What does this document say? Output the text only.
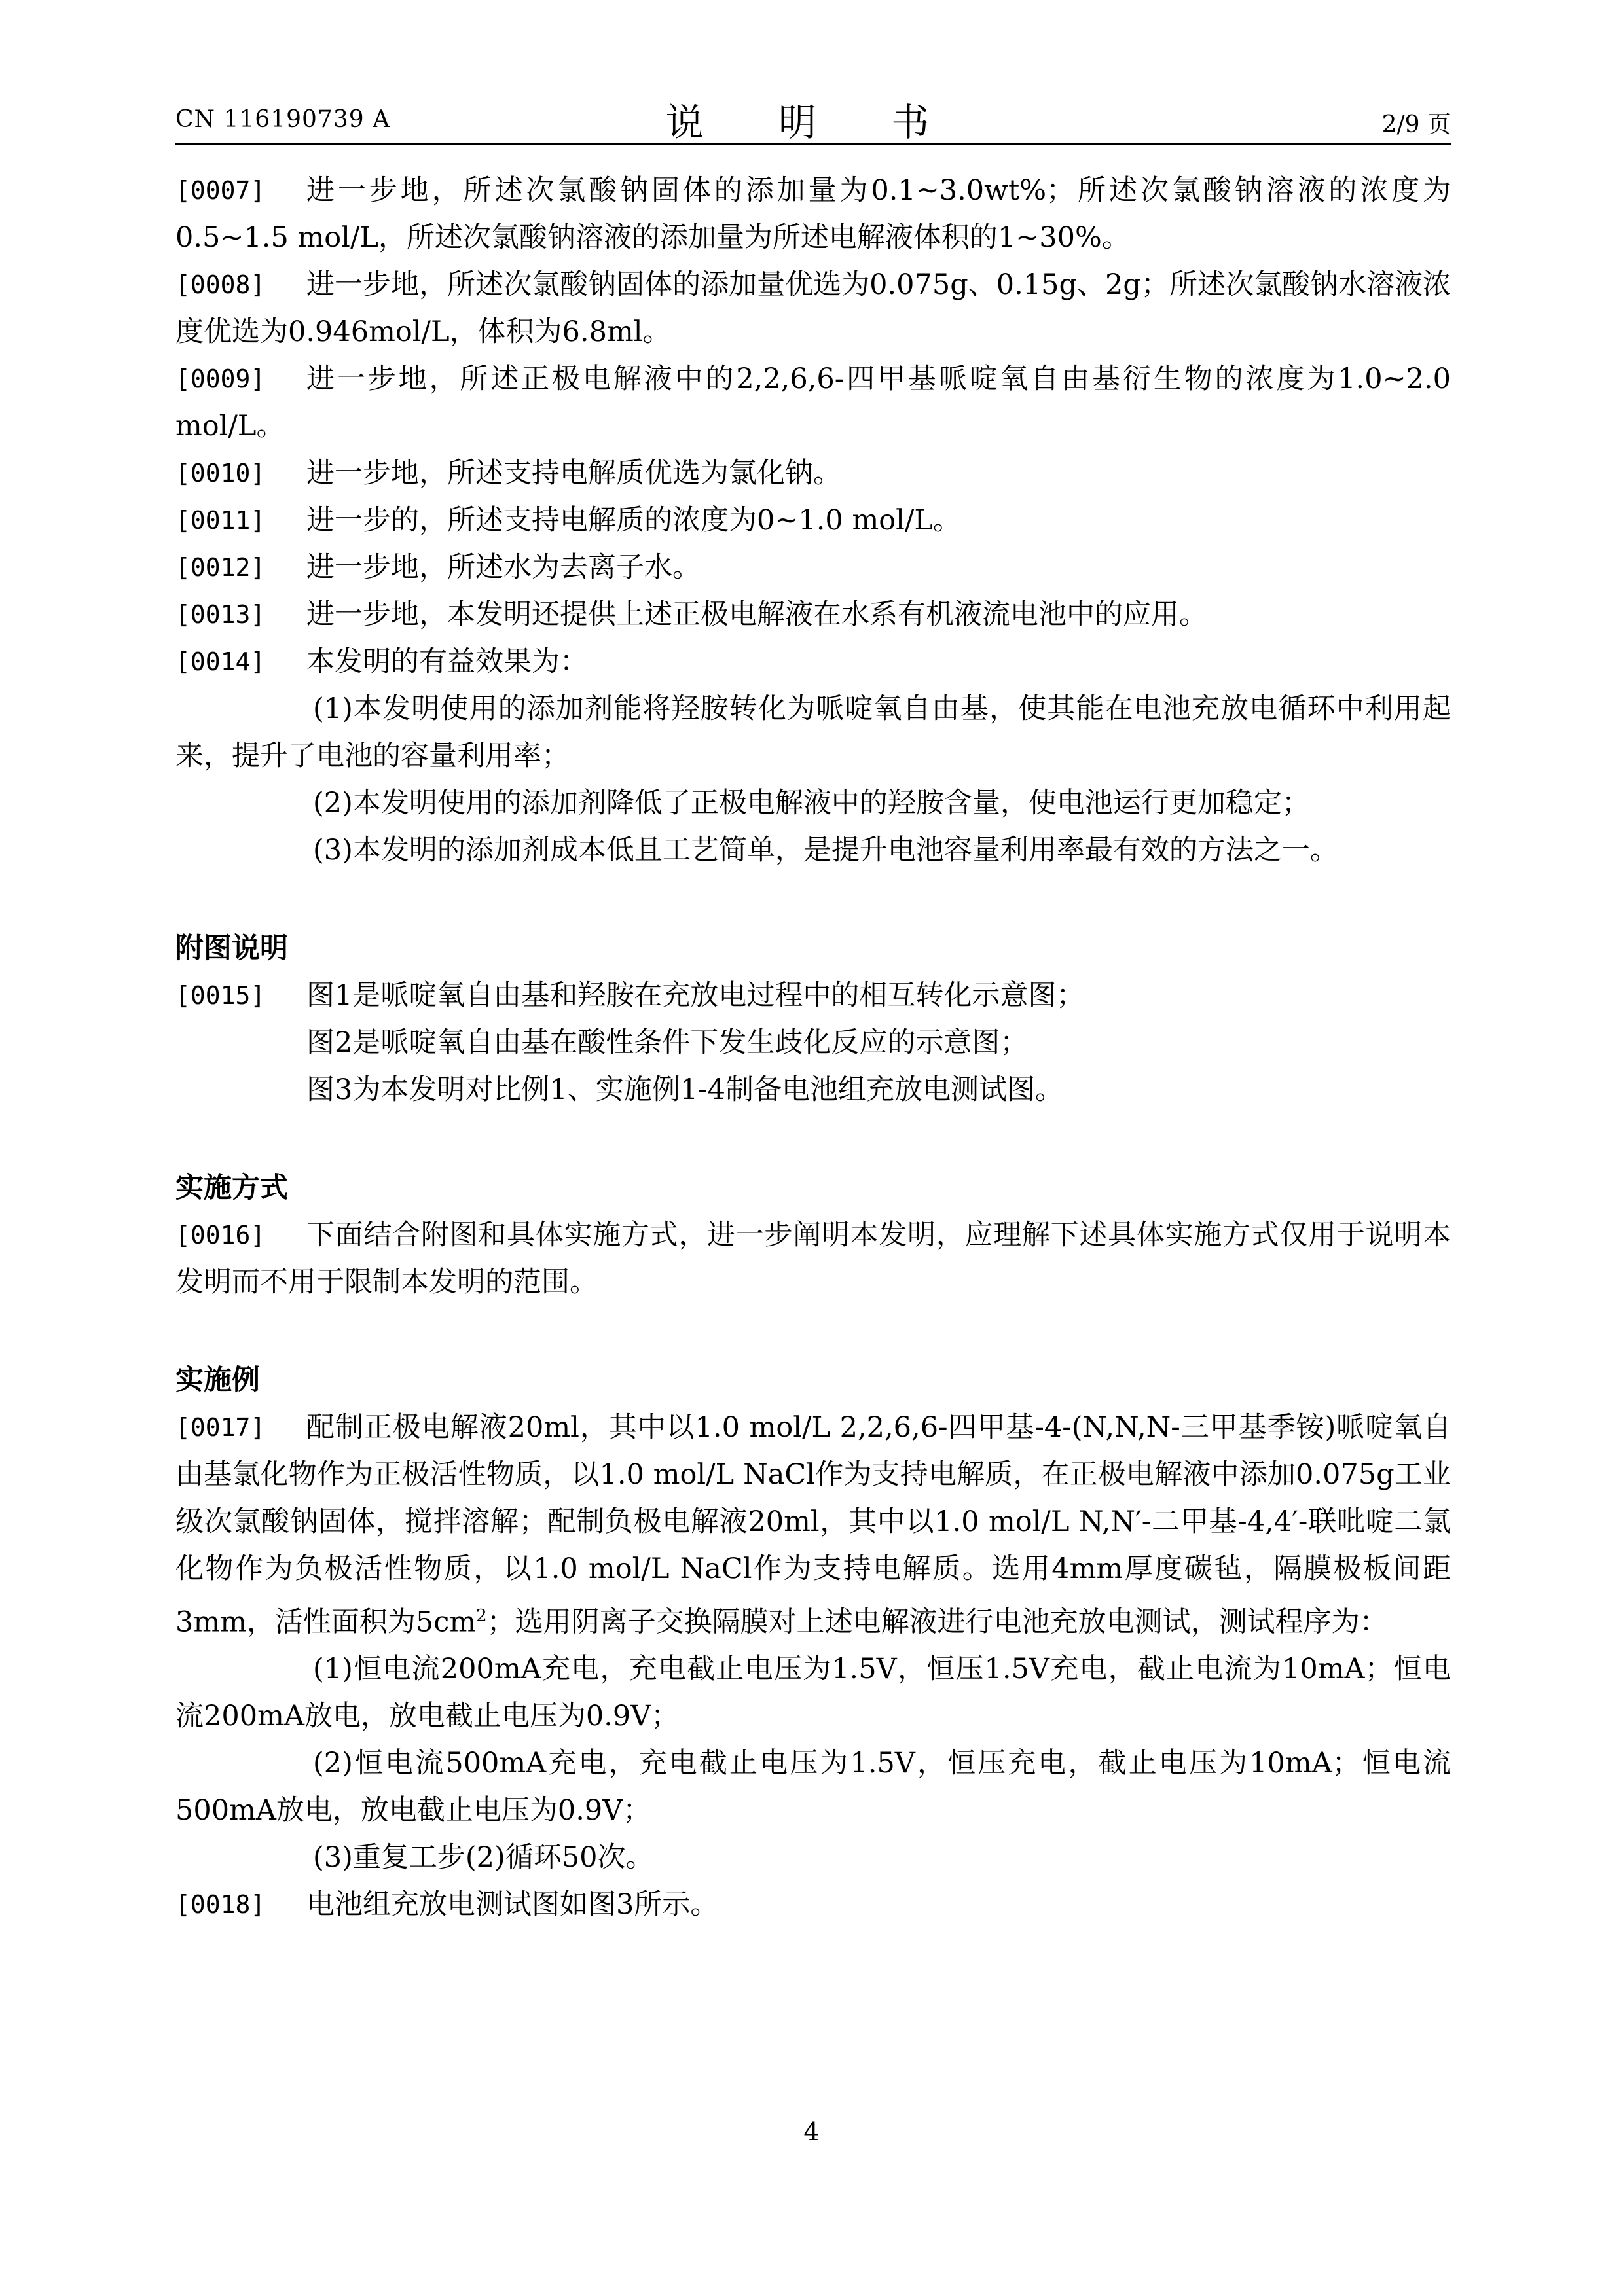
CN 116190739 A	说 明 书	2/9 页

[0007]	进一步地，所述次氯酸钠固体的添加量为0.1~3.0wt%；所述次氯酸钠溶液的浓度为0.5~1.5 mol/L，所述次氯酸钠溶液的添加量为所述电解液体积的1~30%。

[0008]	进一步地，所述次氯酸钠固体的添加量优选为0.075g、0.15g、2g；所述次氯酸钠水溶液浓度优选为0.946mol/L，体积为6.8ml。

[0009]	进一步地，所述正极电解液中的2,2,6,6-四甲基哌啶氧自由基衍生物的浓度为1.0~2.0 mol/L。

[0010]	进一步地，所述支持电解质优选为氯化钠。

[0011]	进一步的，所述支持电解质的浓度为0~1.0 mol/L。

[0012]	进一步地，所述水为去离子水。

[0013]	进一步地，本发明还提供上述正极电解液在水系有机液流电池中的应用。

[0014]	本发明的有益效果为：

(1)本发明使用的添加剂能将羟胺转化为哌啶氧自由基，使其能在电池充放电循环中利用起来，提升了电池的容量利用率；

(2)本发明使用的添加剂降低了正极电解液中的羟胺含量，使电池运行更加稳定；

(3)本发明的添加剂成本低且工艺简单，是提升电池容量利用率最有效的方法之一。

附图说明

[0015]	图1是哌啶氧自由基和羟胺在充放电过程中的相互转化示意图；

图2是哌啶氧自由基在酸性条件下发生歧化反应的示意图；

图3为本发明对比例1、实施例1-4制备电池组充放电测试图。

实施方式

[0016]	下面结合附图和具体实施方式，进一步阐明本发明，应理解下述具体实施方式仅用于说明本发明而不用于限制本发明的范围。

实施例

[0017]	配制正极电解液20ml，其中以1.0 mol/L 2,2,6,6-四甲基-4-(N,N,N-三甲基季铵)哌啶氧自由基氯化物作为正极活性物质，以1.0 mol/L NaCl作为支持电解质，在正极电解液中添加0.075g工业级次氯酸钠固体，搅拌溶解；配制负极电解液20ml，其中以1.0 mol/L N,N′-二甲基-4,4′-联吡啶二氯化物作为负极活性物质，以1.0 mol/L NaCl作为支持电解质。选用4mm厚度碳毡，隔膜极板间距3mm，活性面积为$5cm^2$；选用阴离子交换隔膜对上述电解液进行电池充放电测试，测试程序为：

(1)恒电流200mA充电，充电截止电压为1.5V，恒压1.5V充电，截止电流为10mA；恒电流200mA放电，放电截止电压为0.9V；

(2)恒电流500mA充电，充电截止电压为1.5V，恒压充电，截止电压为10mA；恒电流500mA放电，放电截止电压为0.9V；

(3)重复工步(2)循环50次。

[0018]	电池组充放电测试图如图3所示。

4
